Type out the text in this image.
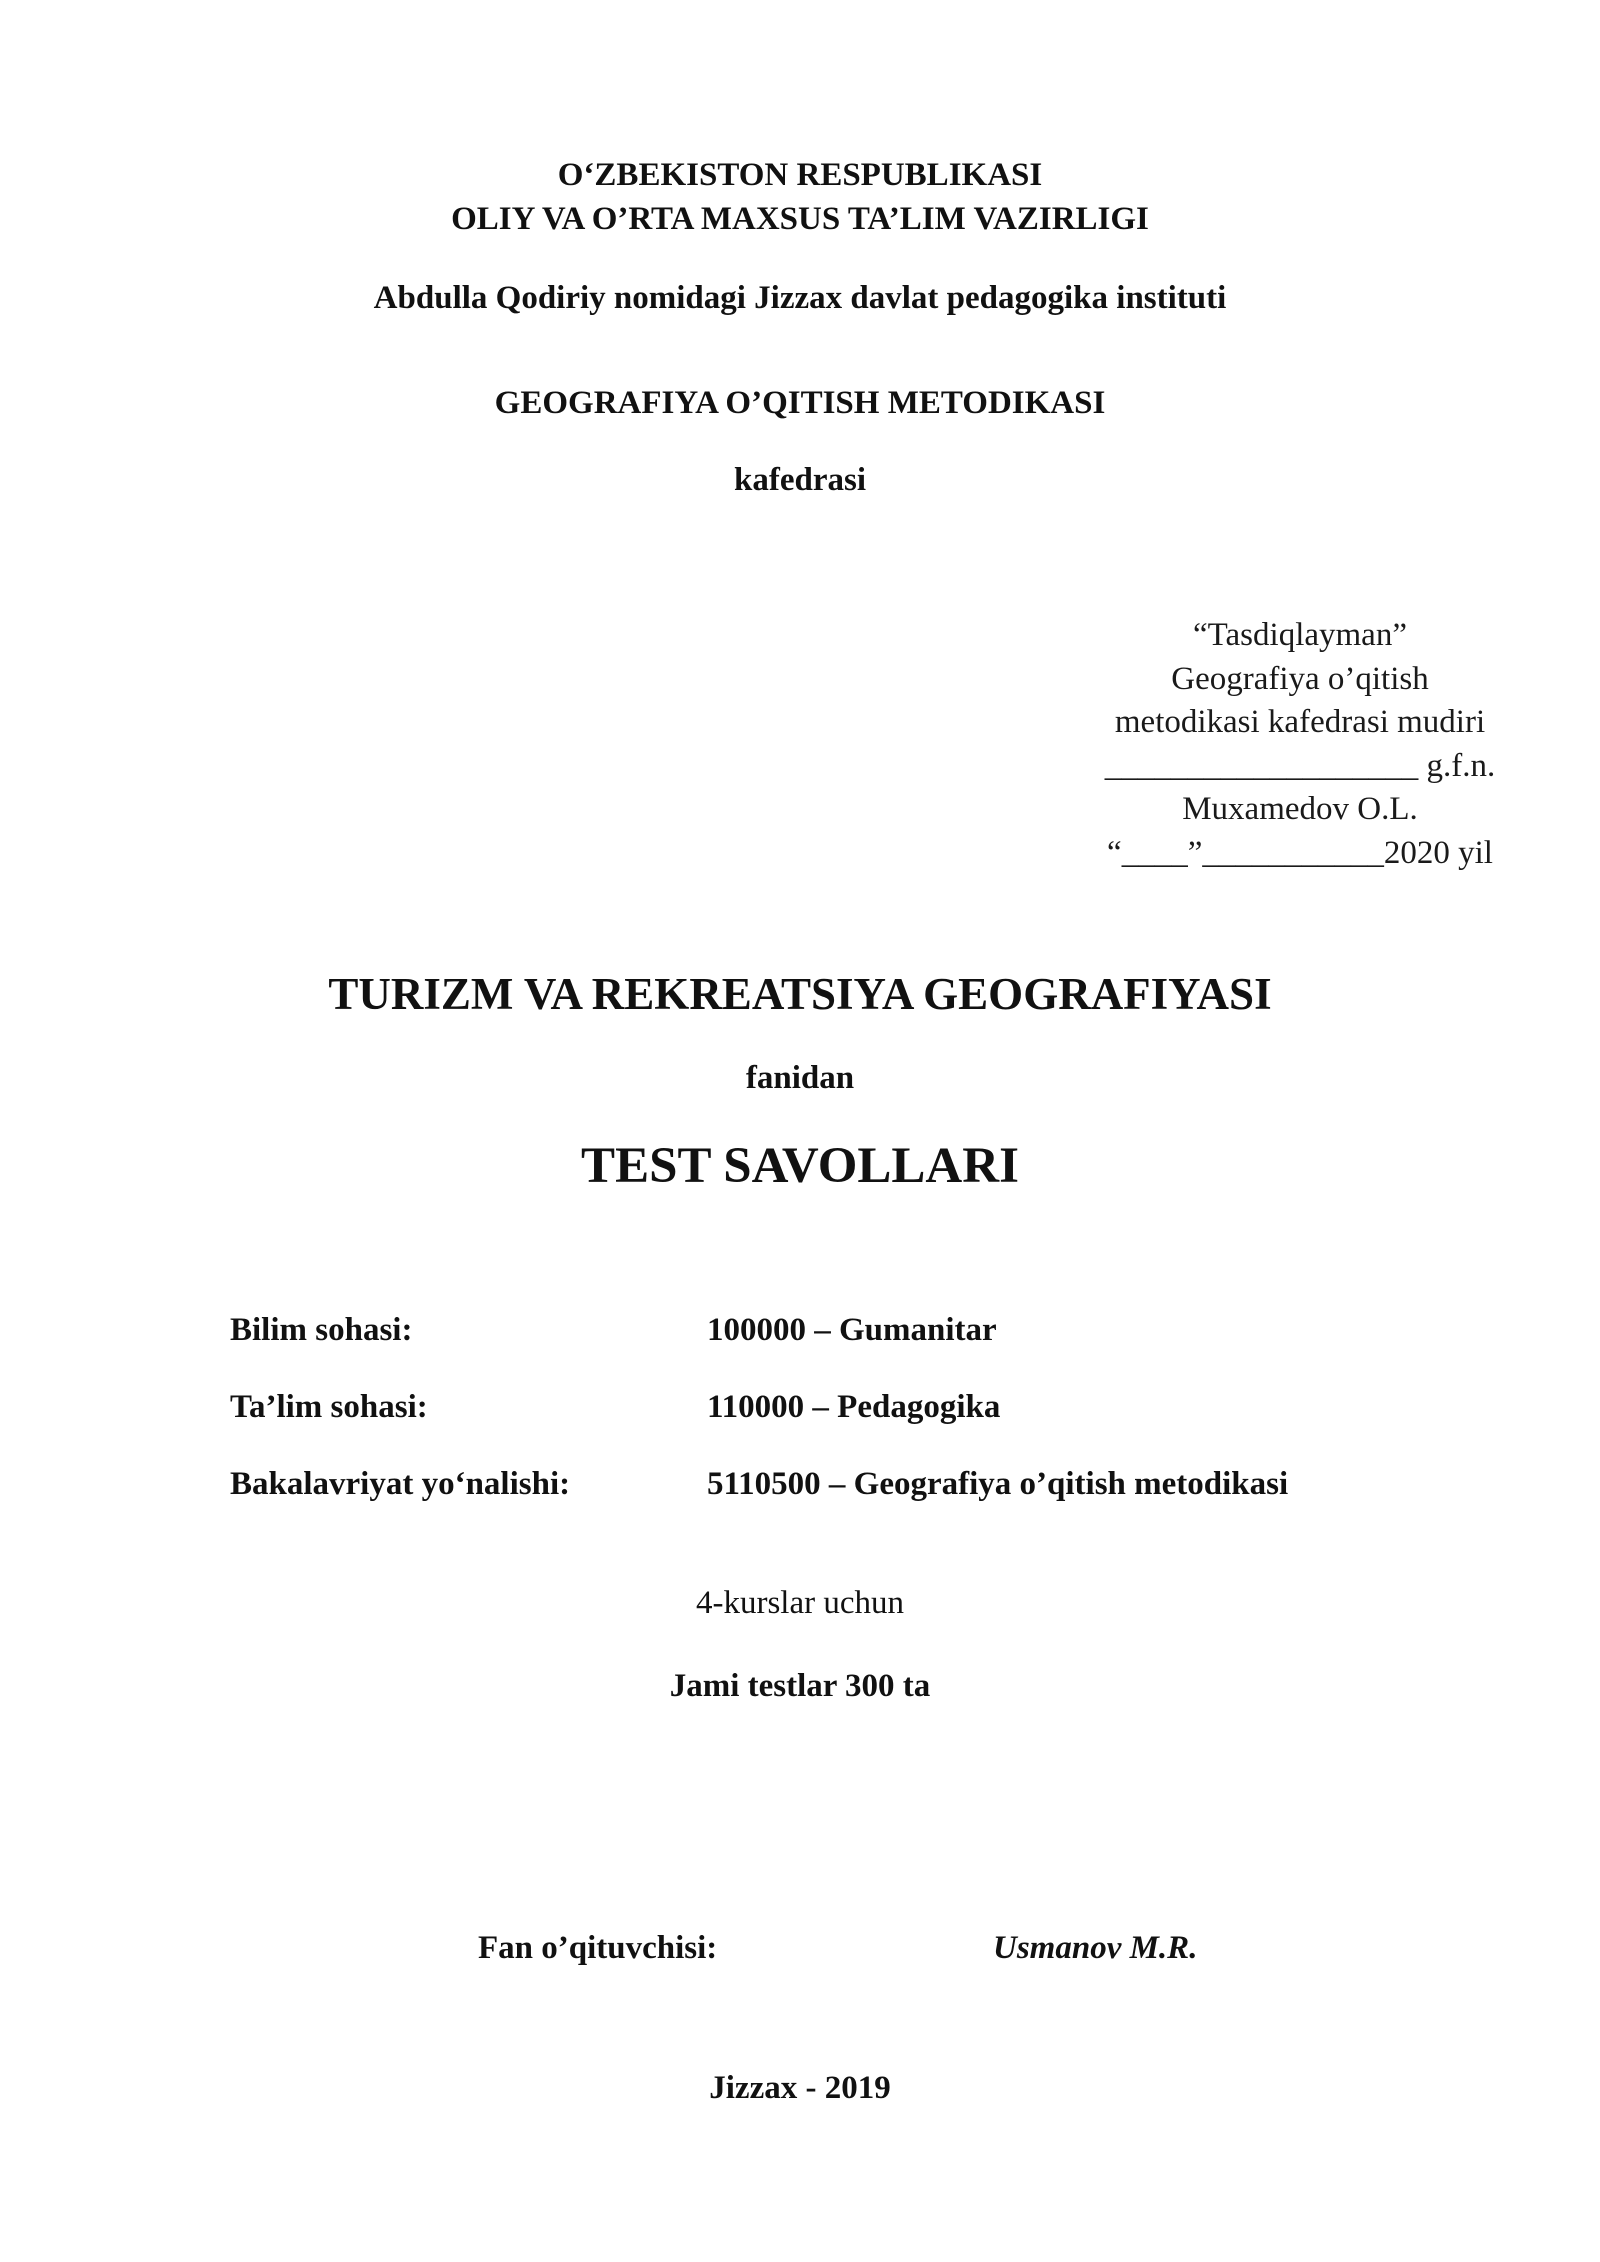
O‘ZBEKISTON RESPUBLIKASI
OLIY VA O’RTA MAXSUS TA’LIM VAZIRLIGI
Abdulla Qodiriy nomidagi Jizzax davlat pedagogika instituti
GEOGRAFIYA O’QITISH METODIKASI
kafedrasi
“Tasdiqlayman”
Geografiya o’qitish
metodikasi kafedrasi mudiri
___________________ g.f.n.
Muxamedov O.L.
“____”___________2020 yil
TURIZM VA REKREATSIYA GEOGRAFIYASI
fanidan
TEST SAVOLLARI
Bilim sohasi:	100000 – Gumanitar
Ta’lim sohasi:	110000 – Pedagogika
Bakalavriyat yo‘nalishi:	5110500 – Geografiya o’qitish metodikasi
4-kurslar uchun
Jami testlar 300 ta
Fan o’qituvchisi:	Usmanov M.R.
Jizzax - 2019
